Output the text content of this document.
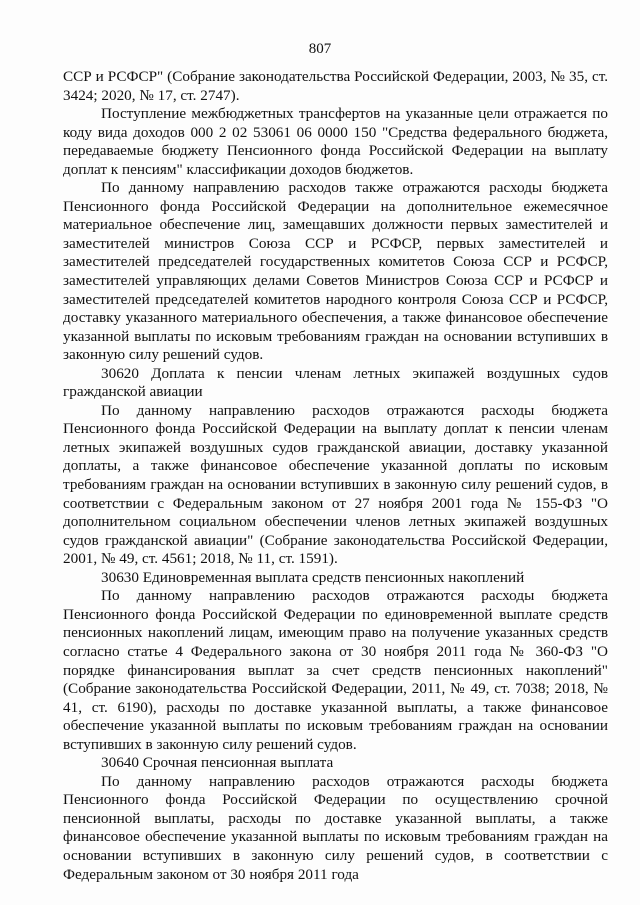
807

ССР и РСФСР" (Собрание законодательства Российской Федерации, 2003, № 35, ст. 3424; 2020, № 17, ст. 2747).

Поступление межбюджетных трансфертов на указанные цели отражается по коду вида доходов 000 2 02 53061 06 0000 150 "Средства федерального бюджета, передаваемые бюджету Пенсионного фонда Российской Федерации на выплату доплат к пенсиям" классификации доходов бюджетов.

По данному направлению расходов также отражаются расходы бюджета Пенсионного фонда Российской Федерации на дополнительное ежемесячное материальное обеспечение лиц, замещавших должности первых заместителей и заместителей министров Союза ССР и РСФСР, первых заместителей и заместителей председателей государственных комитетов Союза ССР и РСФСР, заместителей управляющих делами Советов Министров Союза ССР и РСФСР и заместителей председателей комитетов народного контроля Союза ССР и РСФСР, доставку указанного материального обеспечения, а также финансовое обеспечение указанной выплаты по исковым требованиям граждан на основании вступивших в законную силу решений судов.

30620 Доплата к пенсии членам летных экипажей воздушных судов гражданской авиации

По данному направлению расходов отражаются расходы бюджета Пенсионного фонда Российской Федерации на выплату доплат к пенсии членам летных экипажей воздушных судов гражданской авиации, доставку указанной доплаты, а также финансовое обеспечение указанной доплаты по исковым требованиям граждан на основании вступивших в законную силу решений судов, в соответствии с Федеральным законом от 27 ноября 2001 года № 155-ФЗ "О дополнительном социальном обеспечении членов летных экипажей воздушных судов гражданской авиации" (Собрание законодательства Российской Федерации, 2001, № 49, ст. 4561; 2018, № 11, ст. 1591).

30630 Единовременная выплата средств пенсионных накоплений

По данному направлению расходов отражаются расходы бюджета Пенсионного фонда Российской Федерации по единовременной выплате средств пенсионных накоплений лицам, имеющим право на получение указанных средств согласно статье 4 Федерального закона от 30 ноября 2011 года № 360-ФЗ "О порядке финансирования выплат за счет средств пенсионных накоплений" (Собрание законодательства Российской Федерации, 2011, № 49, ст. 7038; 2018, № 41, ст. 6190), расходы по доставке указанной выплаты, а также финансовое обеспечение указанной выплаты по исковым требованиям граждан на основании вступивших в законную силу решений судов.

30640 Срочная пенсионная выплата

По данному направлению расходов отражаются расходы бюджета Пенсионного фонда Российской Федерации по осуществлению срочной пенсионной выплаты, расходы по доставке указанной выплаты, а также финансовое обеспечение указанной выплаты по исковым требованиям граждан на основании вступивших в законную силу решений судов, в соответствии с Федеральным законом от 30 ноября 2011 года
